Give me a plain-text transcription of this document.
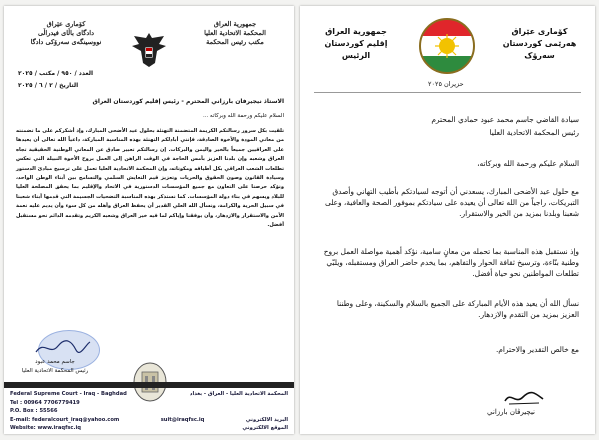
کۆماری عێراق
دادگای باڵای فیدراڵی
نووسینگەی سەرۆکی دادگا
جمهورية العراق
المحكمة الاتحادية العليا
مكتب رئيس المحكمة
العدد / ٩٥٠ / مكتب / ٢٠٢٥
التاريخ / ٢ / ٦ / ٢٠٢٥
الاستاذ نيجيرفان بارزاني المحترم - رئيس إقليم كوردستان العراق
السلام عليكم ورحمة الله وبركاته ...
تلقيت بكل سرور رسالتكم الكريمة المتضمنة التهنئة بحلول عيد الأضحى المبارك، وإذ أشكركم على ما تضمنته من معاني المودة والأخوة الصادقة، فإنني أبادلكم التهنئة بهذه المناسبة المباركة، داعياً الله تعالى أن يعيدها على العراقيين جميعاً بالخير واليمن والبركات. إن رسالتكم تعبير صادق عن المعاني الوطنية الحقيقية تجاه العراق وشعبه وإن بلدنا العزيز بأمس الحاجة في الوقت الراهن إلى العمل بروح الأخوة النبيلة التي تعكس تطلعات الشعب العراقي بكل أطيافه ومكوناته، وإن المحكمة الاتحادية العليا تعمل على ترسيخ مبادئ الدستور وسيادة القانون وصون الحقوق والحريات وتعزيز قيم التعايش السلمي والتسامح بين أبناء الوطن الواحد، ونؤكد حرصنا على التعاون مع جميع المؤسسات الدستورية في الاتحاد والإقليم بما يحقق المصلحة العليا للبلاد ويسهم في بناء دولة المؤسسات. كما نستذكر بهذه المناسبة التضحيات الجسيمة التي قدمها أبناء شعبنا في سبيل الحرية والكرامة، ونسأل الله العلي القدير أن يحفظ العراق وأهله من كل سوء وأن يديم عليه نعمة الأمن والاستقرار والازدهار، وأن يوفقنا وإياكم لما فيه خير العراق وشعبه الكريم وتقدمه الدائم نحو مستقبل أفضل.
جاسم محمد عبود
رئيس المحكمة الاتحادية العليا
Federal Supreme Court - Iraq - Baghdad	المحكمة الاتحادية العليا - العراق - بغداد
Tel : 00964 7706779419
P.O. Box : 55566
E-mail: federalcourt_iraq@yahoo.com	suit@iraqfsc.iq	البريد الالكتروني
Website: www.iraqfsc.iq	الموقع الالكتروني
جمهورية العراق
إقليم كوردستان
الرئيس
کۆماری عێراق
هەرێمی کوردستان
سەرۆک
حزيران ٢٠٢٥
سيادة القاضي جاسم محمد عبود حمادي المحترم
رئيس المحكمة الاتحادية العليا
السلام عليكم ورحمة الله وبركاته،
مع حلول عيد الأضحى المبارك، يسعدني أن أتوجه لسيادتكم بأطيب التهاني وأصدق التبريكات، راجياً من الله تعالى أن يعيده على سيادتكم بموفور الصحة والعافية، وعلى شعبنا وبلدنا بمزيد من الخير والاستقرار.
وإذ نستقبل هذه المناسبة بما تحمله من معانٍ سامية، نؤكد أهمية مواصلة العمل بروح وطنية بنّاءة، وترسيخ ثقافة الحوار والتفاهم، بما يخدم حاضر العراق ومستقبله، ويلبّي تطلعات المواطنين نحو حياة أفضل.
نسأل الله أن يعيد هذه الأيام المباركة على الجميع بالسلام والسكينة، وعلى وطننا العزيز بمزيد من التقدم والازدهار.
مع خالص التقدير والاحترام.
نيچيرڤان بارزاني
